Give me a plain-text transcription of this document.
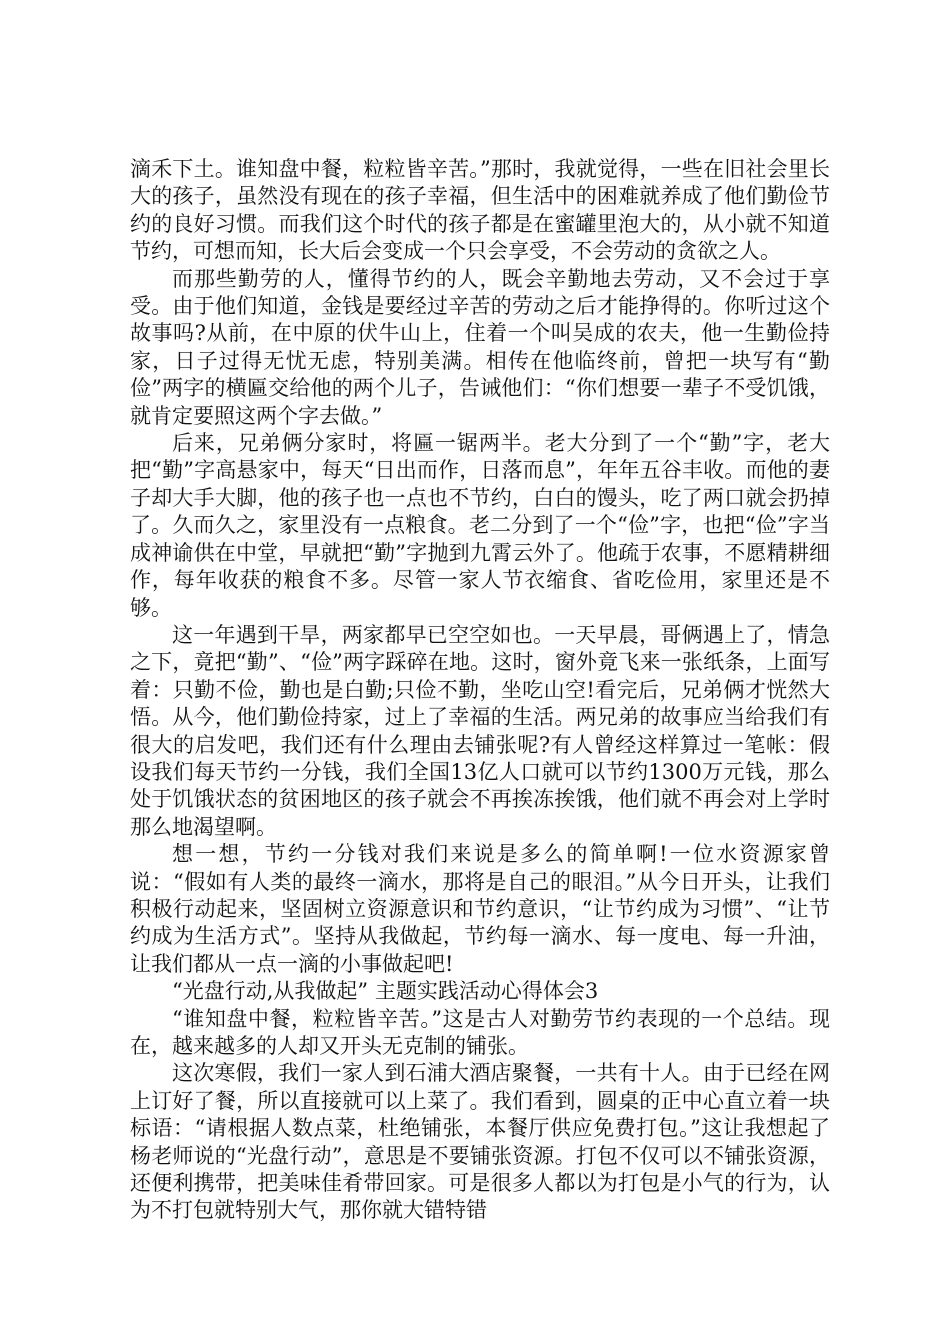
滴禾下土。谁知盘中餐，粒粒皆辛苦。”那时，我就觉得，一些在旧社会里长大的孩子，虽然没有现在的孩子幸福，但生活中的困难就养成了他们勤俭节约的良好习惯。而我们这个时代的孩子都是在蜜罐里泡大的，从小就不知道节约，可想而知，长大后会变成一个只会享受，不会劳动的贪欲之人。

而那些勤劳的人，懂得节约的人，既会辛勤地去劳动，又不会过于享受。由于他们知道，金钱是要经过辛苦的劳动之后才能挣得的。你听过这个故事吗?从前，在中原的伏牛山上，住着一个叫吴成的农夫，他一生勤俭持家，日子过得无忧无虑，特别美满。相传在他临终前，曾把一块写有“勤俭”两字的横匾交给他的两个儿子，告诫他们：“你们想要一辈子不受饥饿，就肯定要照这两个字去做。”

后来，兄弟俩分家时，将匾一锯两半。老大分到了一个“勤”字，老大把“勤”字高悬家中，每天“日出而作，日落而息”，年年五谷丰收。而他的妻子却大手大脚，他的孩子也一点也不节约，白白的馒头，吃了两口就会扔掉了。久而久之，家里没有一点粮食。老二分到了一个“俭”字，也把“俭”字当成神谕供在中堂，早就把“勤”字抛到九霄云外了。他疏于农事，不愿精耕细作，每年收获的粮食不多。尽管一家人节衣缩食、省吃俭用，家里还是不够。

这一年遇到干旱，两家都早已空空如也。一天早晨，哥俩遇上了，情急之下，竟把“勤”、“俭”两字踩碎在地。这时，窗外竟飞来一张纸条，上面写着：只勤不俭，勤也是白勤;只俭不勤，坐吃山空!看完后，兄弟俩才恍然大悟。从今，他们勤俭持家，过上了幸福的生活。两兄弟的故事应当给我们有很大的启发吧，我们还有什么理由去铺张呢?有人曾经这样算过一笔帐：假设我们每天节约一分钱，我们全国13亿人口就可以节约1300万元钱，那么处于饥饿状态的贫困地区的孩子就会不再挨冻挨饿，他们就不再会对上学时那么地渴望啊。

想一想，节约一分钱对我们来说是多么的简单啊!一位水资源家曾说：“假如有人类的最终一滴水，那将是自己的眼泪。”从今日开头，让我们积极行动起来，坚固树立资源意识和节约意识，“让节约成为习惯”、“让节约成为生活方式”。坚持从我做起，节约每一滴水、每一度电、每一升油，让我们都从一点一滴的小事做起吧!

“光盘行动,从我做起” 主题实践活动心得体会3

“谁知盘中餐，粒粒皆辛苦。”这是古人对勤劳节约表现的一个总结。现在，越来越多的人却又开头无克制的铺张。

这次寒假，我们一家人到石浦大酒店聚餐，一共有十人。由于已经在网上订好了餐，所以直接就可以上菜了。我们看到，圆桌的正中心直立着一块标语：“请根据人数点菜，杜绝铺张，本餐厅供应免费打包。”这让我想起了杨老师说的“光盘行动”，意思是不要铺张资源。打包不仅可以不铺张资源，还便利携带，把美味佳肴带回家。可是很多人都以为打包是小气的行为，认为不打包就特别大气，那你就大错特错
